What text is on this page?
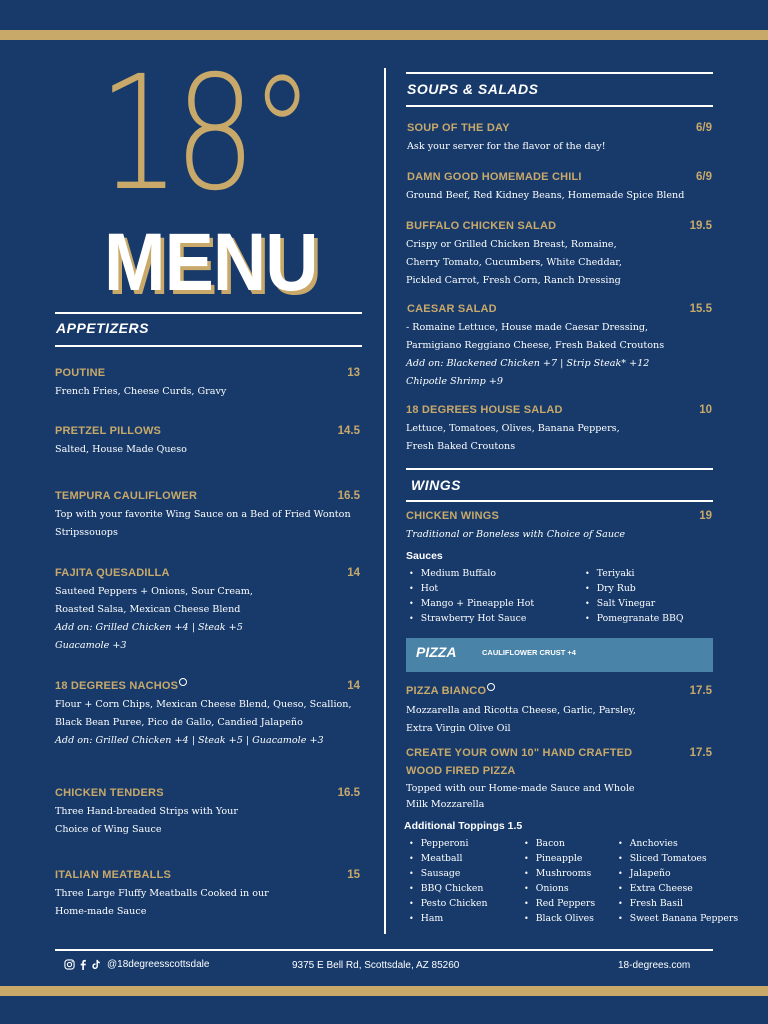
18°
MENU
APPETIZERS
POUTINE	13
French Fries, Cheese Curds, Gravy
PRETZEL PILLOWS	14.5
Salted, House Made Queso
TEMPURA CAULIFLOWER	16.5
Top with your favorite Wing Sauce on a Bed of Fried Wonton
Stripssouops
FAJITA QUESADILLA	14
Sauteed Peppers + Onions, Sour Cream,
Roasted Salsa, Mexican Cheese Blend
Add on: Grilled Chicken +4 | Steak +5
Guacamole +3
18 DEGREES NACHOS	14
Flour + Corn Chips, Mexican Cheese Blend, Queso, Scallion,
Black Bean Puree, Pico de Gallo, Candied Jalapeño
Add on: Grilled Chicken +4 | Steak +5 | Guacamole +3
CHICKEN TENDERS	16.5
Three Hand-breaded Strips with Your
Choice of Wing Sauce
ITALIAN MEATBALLS	15
Three Large Fluffy Meatballs Cooked in our
Home-made Sauce
SOUPS & SALADS
SOUP OF THE DAY	6/9
Ask your server for the flavor of the day!
DAMN GOOD HOMEMADE CHILI	6/9
Ground Beef, Red Kidney Beans, Homemade Spice Blend
BUFFALO CHICKEN SALAD	19.5
Crispy or Grilled Chicken Breast, Romaine,
Cherry Tomato, Cucumbers, White Cheddar,
Pickled Carrot, Fresh Corn, Ranch Dressing
CAESAR SALAD	15.5
- Romaine Lettuce, House made Caesar Dressing,
Parmigiano Reggiano Cheese, Fresh Baked Croutons
Add on: Blackened Chicken +7 | Strip Steak* +12
Chipotle Shrimp +9
18 DEGREES HOUSE SALAD	10
Lettuce, Tomatoes, Olives, Banana Peppers,
Fresh Baked Croutons
WINGS
CHICKEN WINGS	19
Traditional or Boneless with Choice of Sauce
Sauces
• Medium Buffalo
• Hot
• Mango + Pineapple Hot
• Strawberry Hot Sauce
• Teriyaki
• Dry Rub
• Salt Vinegar
• Pomegranate BBQ
PIZZA	CAULIFLOWER CRUST +4
PIZZA BIANCO	17.5
Mozzarella and Ricotta Cheese, Garlic, Parsley,
Extra Virgin Olive Oil
CREATE YOUR OWN 10" HAND CRAFTED
WOOD FIRED PIZZA
17.5
Topped with our Home-made Sauce and Whole
Milk Mozzarella
Additional Toppings 1.5
• Pepperoni
• Meatball
• Sausage
• BBQ Chicken
• Pesto Chicken
• Ham
• Bacon
• Pineapple
• Mushrooms
• Onions
• Red Peppers
• Black Olives
• Anchovies
• Sliced Tomatoes
• Jalapeño
• Extra Cheese
• Fresh Basil
• Sweet Banana Peppers
@18degreesscottsdale	9375 E Bell Rd, Scottsdale, AZ 85260	18-degrees.com
